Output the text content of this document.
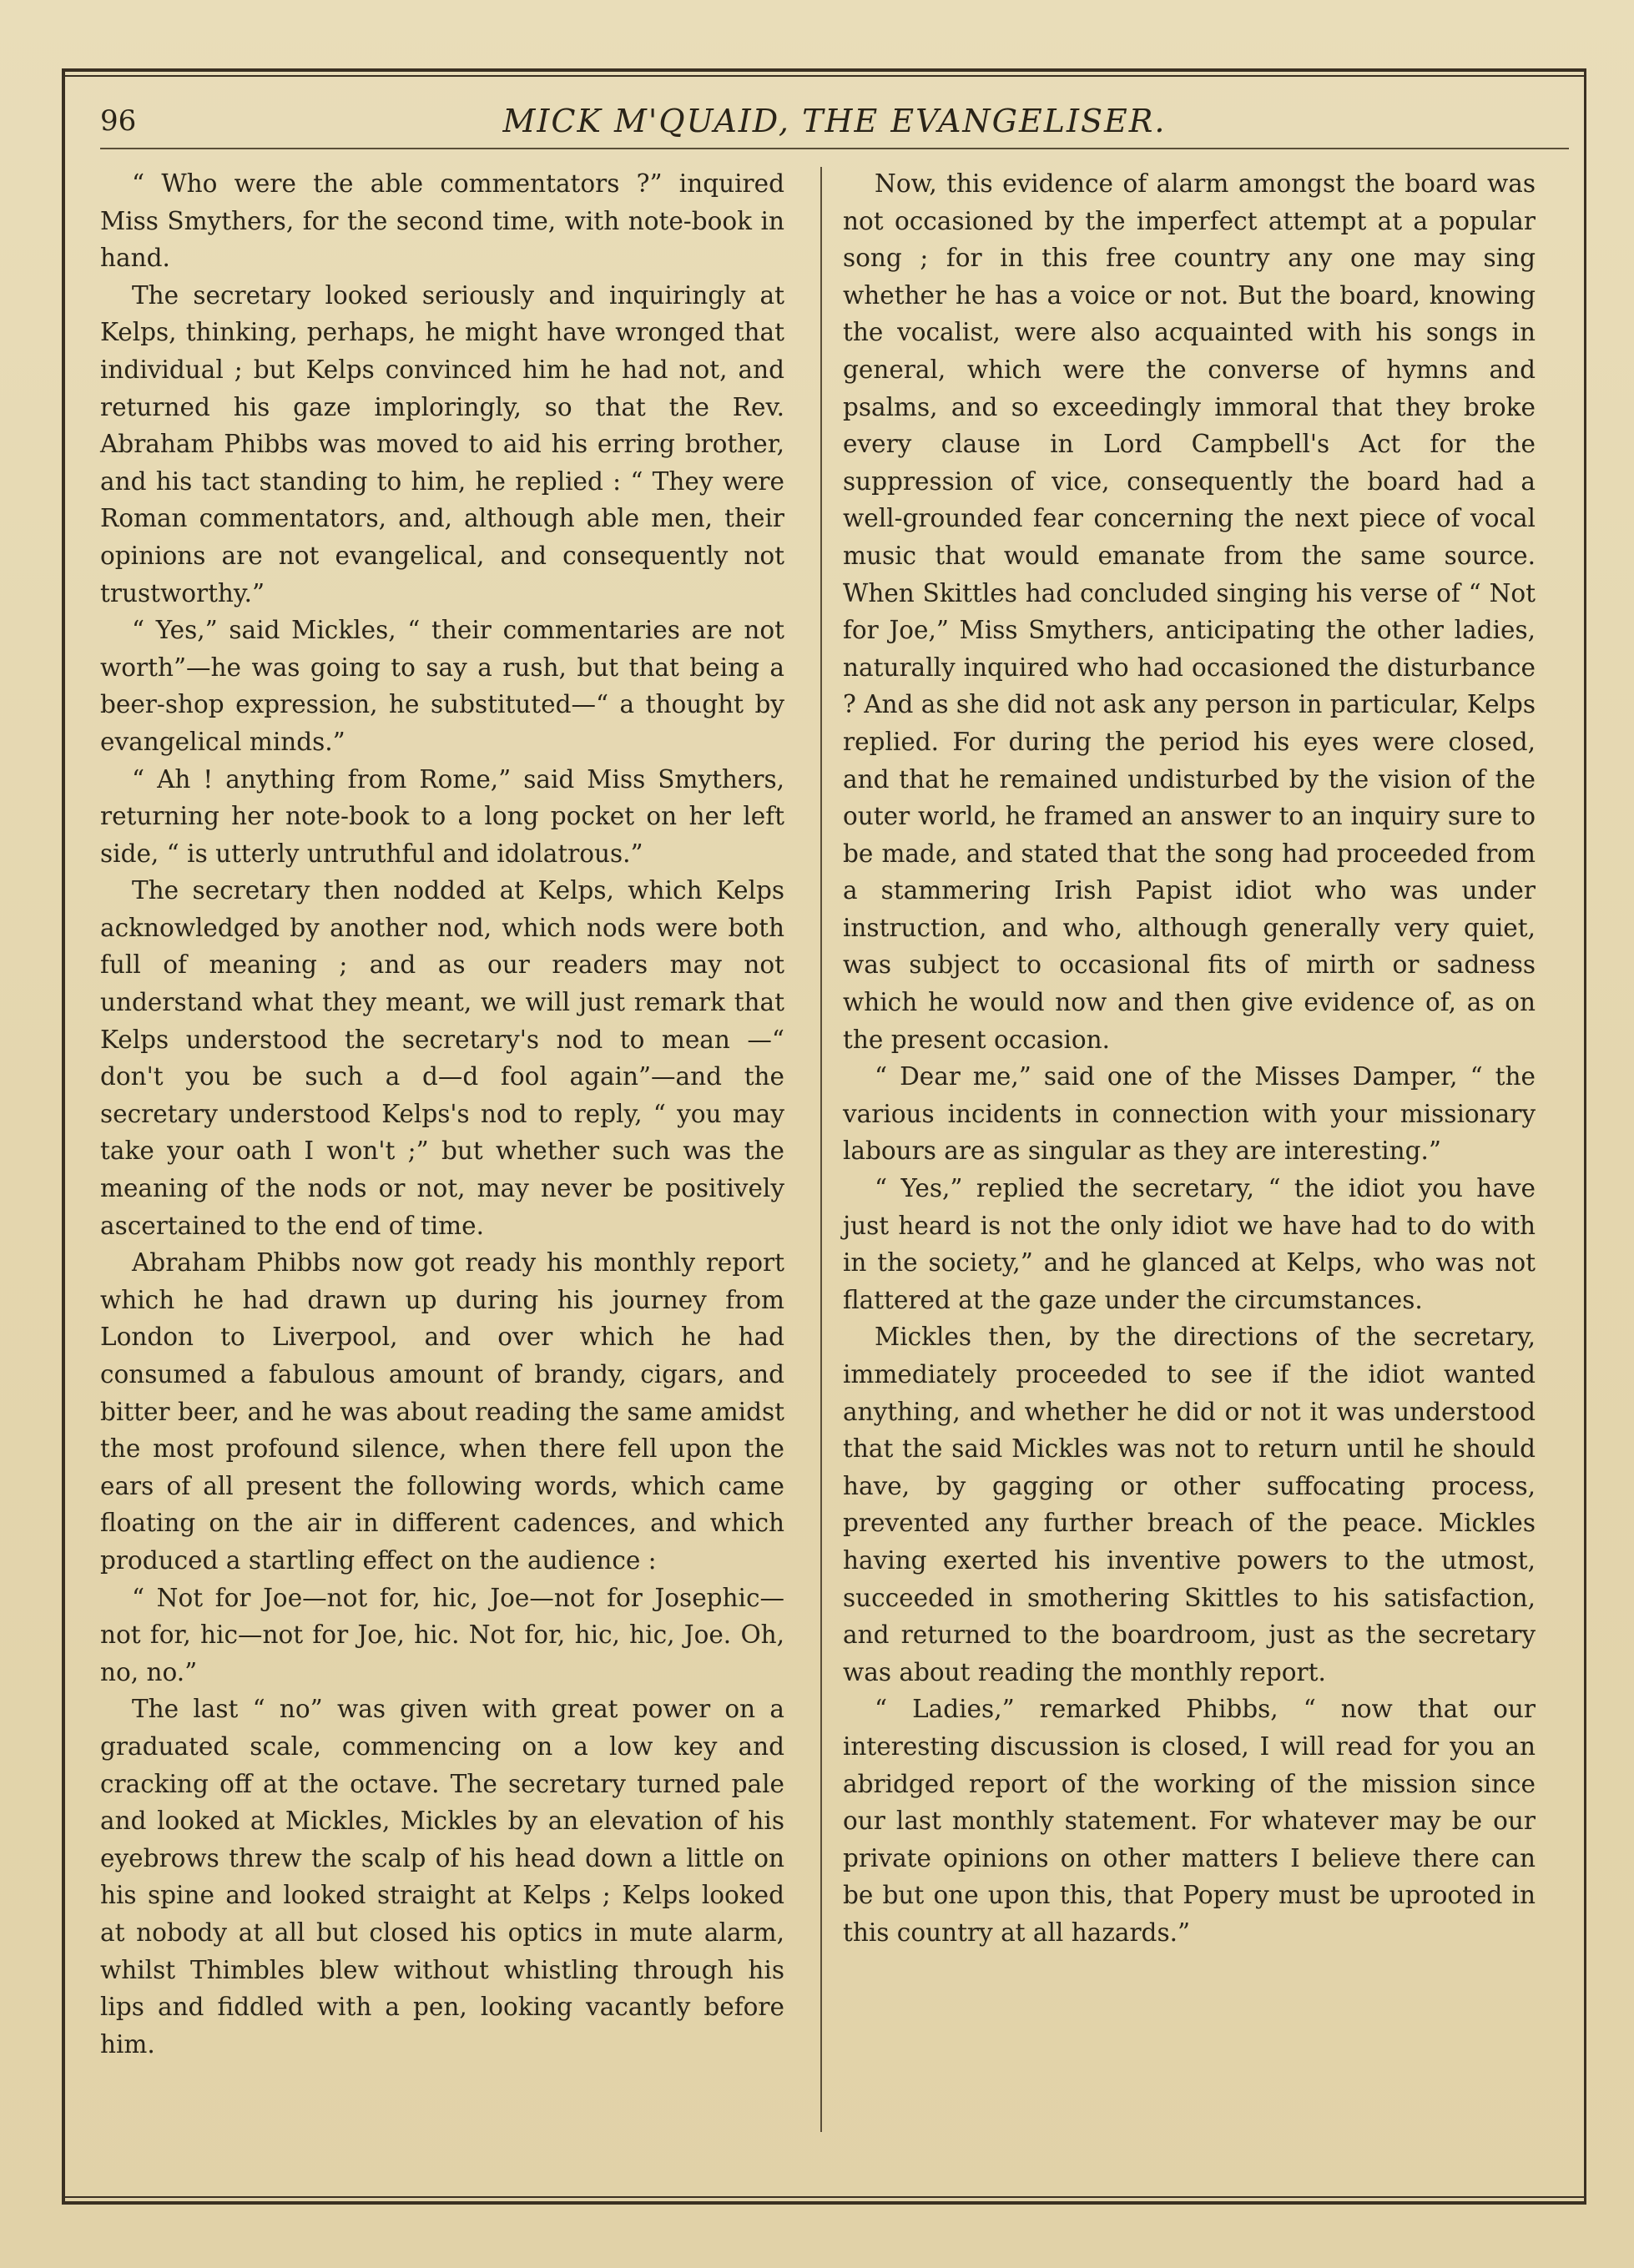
96	MICK M'QUAID, THE EVANGELISER.

“ Who were the able commentators ?” inquired Miss Smythers, for the second time, with note-book in hand.

The secretary looked seriously and inquiringly at Kelps, thinking, perhaps, he might have wronged that individual ; but Kelps convinced him he had not, and returned his gaze imploringly, so that the Rev. Abraham Phibbs was moved to aid his erring brother, and his tact standing to him, he replied : “ They were Roman commentators, and, although able men, their opinions are not evangelical, and consequently not trustworthy.”

“ Yes,” said Mickles, “ their commentaries are not worth”—he was going to say a rush, but that being a beer-shop expression, he substituted—“ a thought by evangelical minds.”

“ Ah ! anything from Rome,” said Miss Smythers, returning her note-book to a long pocket on her left side, “ is utterly untruthful and idolatrous.”

The secretary then nodded at Kelps, which Kelps acknowledged by another nod, which nods were both full of meaning ; and as our readers may not understand what they meant, we will just remark that Kelps understood the secretary's nod to mean —“ don't you be such a d—d fool again”—and the secretary understood Kelps's nod to reply, “ you may take your oath I won't ;” but whether such was the meaning of the nods or not, may never be positively ascertained to the end of time.

Abraham Phibbs now got ready his monthly report which he had drawn up during his journey from London to Liverpool, and over which he had consumed a fabulous amount of brandy, cigars, and bitter beer, and he was about reading the same amidst the most profound silence, when there fell upon the ears of all present the following words, which came floating on the air in different cadences, and which produced a startling effect on the audience :

“ Not for Joe—not for, hic, Joe—not for Josephic—not for, hic—not for Joe, hic. Not for, hic, hic, Joe. Oh, no, no.”

The last “ no” was given with great power on a graduated scale, commencing on a low key and cracking off at the octave. The secretary turned pale and looked at Mickles, Mickles by an elevation of his eyebrows threw the scalp of his head down a little on his spine and looked straight at Kelps ; Kelps looked at nobody at all but closed his optics in mute alarm, whilst Thimbles blew without whistling through his lips and fiddled with a pen, looking vacantly before him.

Now, this evidence of alarm amongst the board was not occasioned by the imperfect attempt at a popular song ; for in this free country any one may sing whether he has a voice or not. But the board, knowing the vocalist, were also acquainted with his songs in general, which were the converse of hymns and psalms, and so exceedingly immoral that they broke every clause in Lord Campbell's Act for the suppression of vice, consequently the board had a well-grounded fear concerning the next piece of vocal music that would emanate from the same source. When Skittles had concluded singing his verse of “ Not for Joe,” Miss Smythers, anticipating the other ladies, naturally inquired who had occasioned the disturbance ? And as she did not ask any person in particular, Kelps replied. For during the period his eyes were closed, and that he remained undisturbed by the vision of the outer world, he framed an answer to an inquiry sure to be made, and stated that the song had proceeded from a stammering Irish Papist idiot who was under instruction, and who, although generally very quiet, was subject to occasional fits of mirth or sadness which he would now and then give evidence of, as on the present occasion.

“ Dear me,” said one of the Misses Damper, “ the various incidents in connection with your missionary labours are as singular as they are interesting.”

“ Yes,” replied the secretary, “ the idiot you have just heard is not the only idiot we have had to do with in the society,” and he glanced at Kelps, who was not flattered at the gaze under the circumstances.

Mickles then, by the directions of the secretary, immediately proceeded to see if the idiot wanted anything, and whether he did or not it was understood that the said Mickles was not to return until he should have, by gagging or other suffocating process, prevented any further breach of the peace. Mickles having exerted his inventive powers to the utmost, succeeded in smothering Skittles to his satisfaction, and returned to the boardroom, just as the secretary was about reading the monthly report.

“ Ladies,” remarked Phibbs, “ now that our interesting discussion is closed, I will read for you an abridged report of the working of the mission since our last monthly statement. For whatever may be our private opinions on other matters I believe there can be but one upon this, that Popery must be uprooted in this country at all hazards.”
